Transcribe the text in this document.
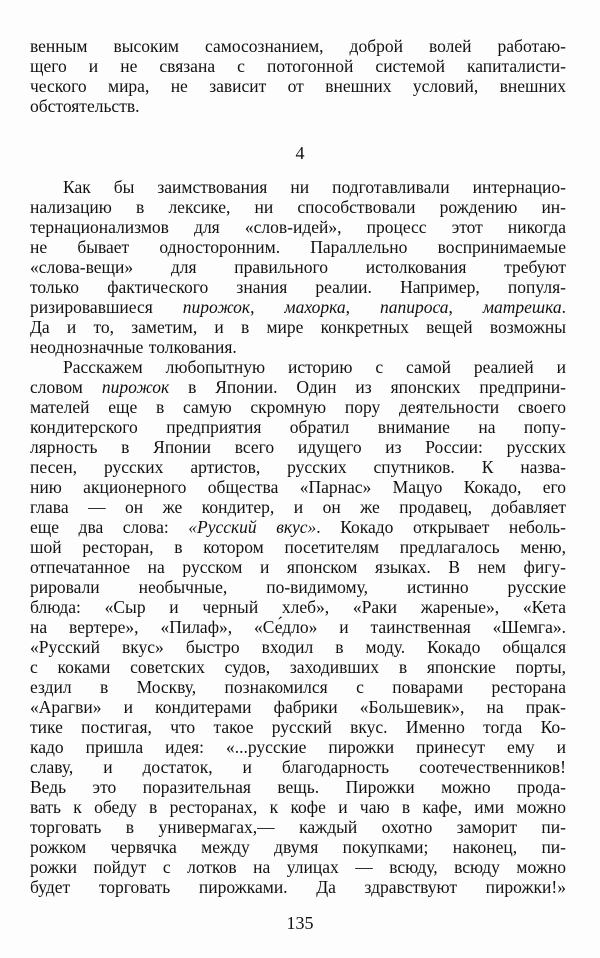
венным высоким самосознанием, доброй волей работаю-
щего и не связана с потогонной системой капиталисти-
ческого мира, не зависит от внешних условий, внешних
обстоятельств.
4
Как бы заимствования ни подготавливали интернацио-
нализацию в лексике, ни способствовали рождению ин-
тернационализмов для «слов-идей», процесс этот никогда
не бывает односторонним. Параллельно воспринимаемые
«слова-вещи» для правильного истолкования требуют
только фактического знания реалии. Например, популя-
ризировавшиеся пирожок, махорка, папироса, матрешка.
Да и то, заметим, и в мире конкретных вещей возможны
неоднозначные толкования.
Расскажем любопытную историю с самой реалией и
словом пирожок в Японии. Один из японских предприни-
мателей еще в самую скромную пору деятельности своего
кондитерского предприятия обратил внимание на попу-
лярность в Японии всего идущего из России: русских
песен, русских артистов, русских спутников. К назва-
нию акционерного общества «Парнас» Мацуо Кокадо, его
глава — он же кондитер, и он же продавец, добавляет
еще два слова: «Русский вкус». Кокадо открывает неболь-
шой ресторан, в котором посетителям предлагалось меню,
отпечатанное на русском и японском языках. В нем фигу-
рировали необычные, по-видимому, истинно русские
блюда: «Сыр и черный хлеб», «Раки жареные», «Кета
на вертере», «Пилаф», «Се́дло» и таинственная «Шемга».
«Русский вкус» быстро входил в моду. Кокадо общался
с коками советских судов, заходивших в японские порты,
ездил в Москву, познакомился с поварами ресторана
«Арагви» и кондитерами фабрики «Большевик», на прак-
тике постигая, что такое русский вкус. Именно тогда Ко-
кадо пришла идея: «...русские пирожки принесут ему и
славу, и достаток, и благодарность соотечественников!
Ведь это поразительная вещь. Пирожки можно прода-
вать к обеду в ресторанах, к кофе и чаю в кафе, ими можно
торговать в универмагах,— каждый охотно заморит пи-
рожком червячка между двумя покупками; наконец, пи-
рожки пойдут с лотков на улицах — всюду, всюду можно
будет торговать пирожками. Да здравствуют пирожки!»
135
